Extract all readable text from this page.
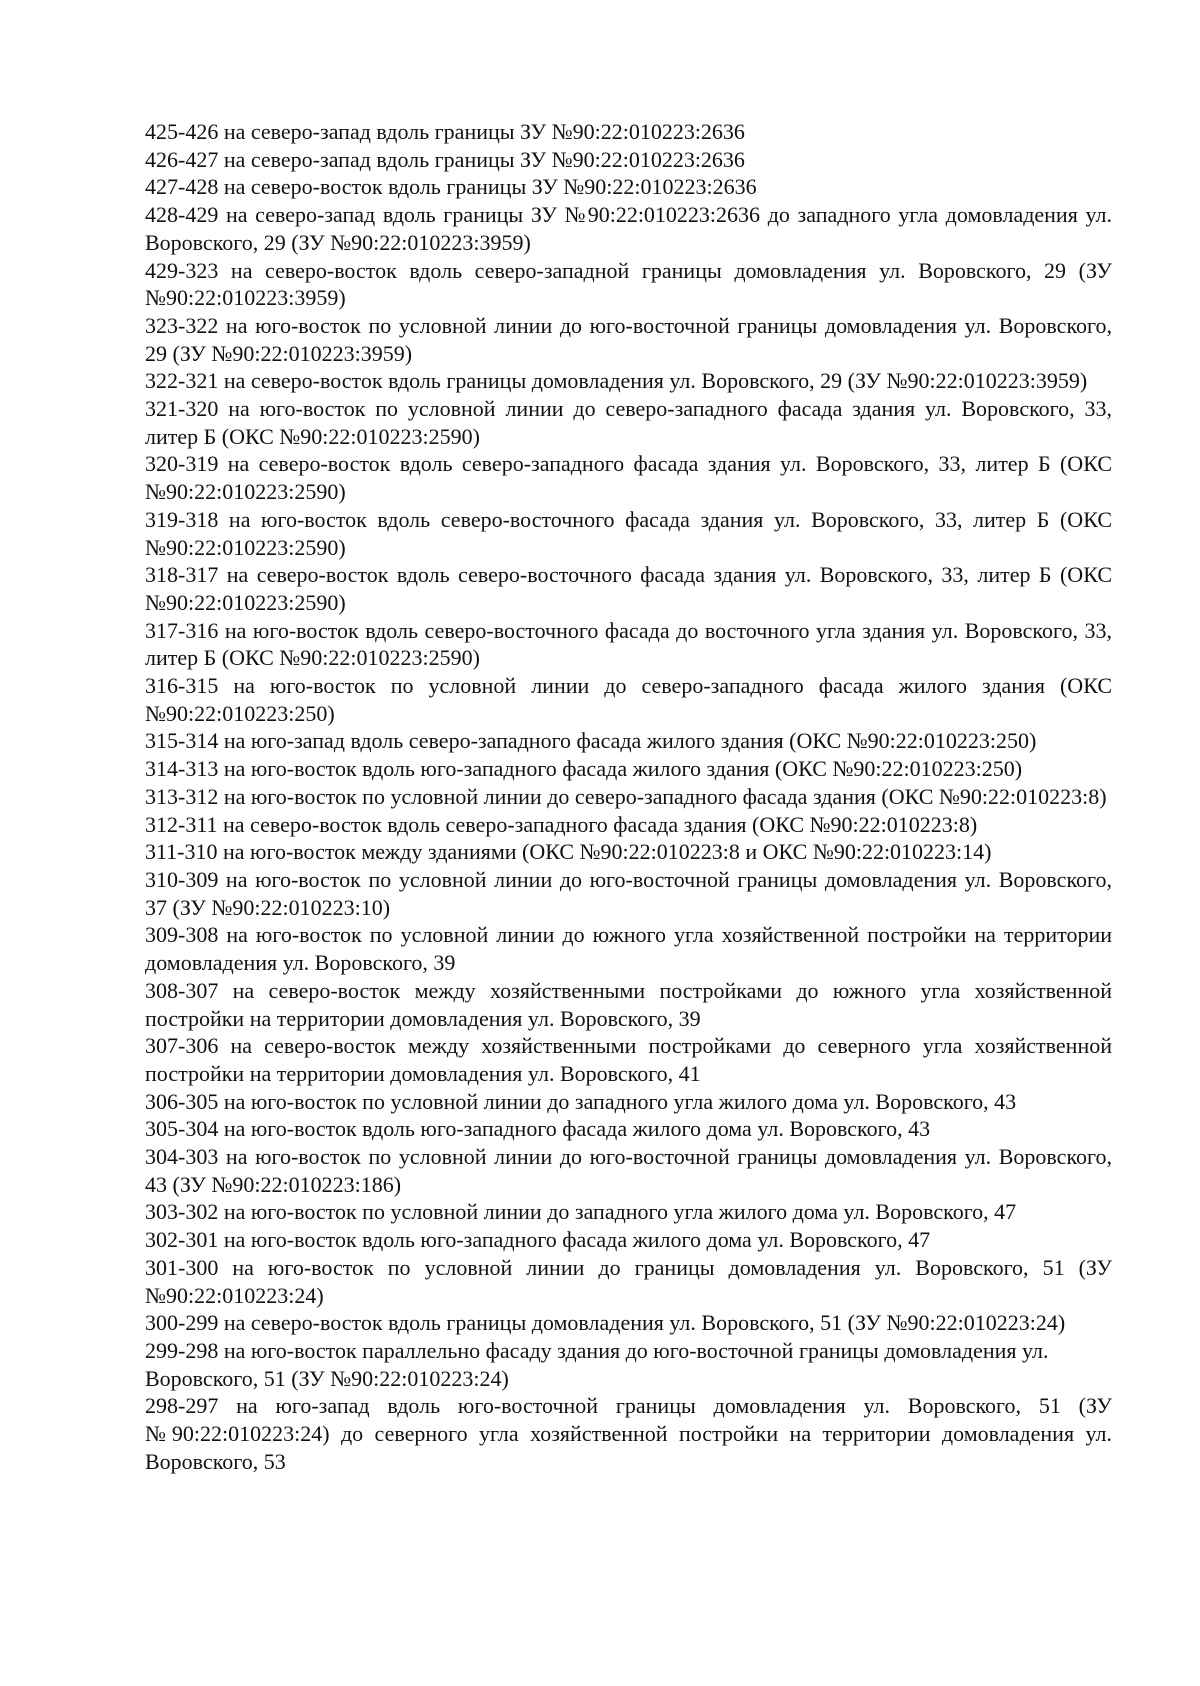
425-426 на северо-запад вдоль границы ЗУ №90:22:010223:2636

426-427 на северо-запад вдоль границы ЗУ №90:22:010223:2636

427-428 на северо-восток вдоль границы ЗУ №90:22:010223:2636

428-429 на северо-запад вдоль границы ЗУ №90:22:010223:2636 до западного угла домовладения ул. Воровского, 29 (ЗУ №90:22:010223:3959)

429-323 на северо-восток вдоль северо-западной границы домовладения ул. Воровского, 29 (ЗУ №90:22:010223:3959)

323-322 на юго-восток по условной линии до юго-восточной границы домовладения ул. Воровского, 29 (ЗУ №90:22:010223:3959)

322-321 на северо-восток вдоль границы домовладения ул. Воровского, 29 (ЗУ №90:22:010223:3959)

321-320 на юго-восток по условной линии до северо-западного фасада здания ул. Воровского, 33, литер Б (ОКС №90:22:010223:2590)

320-319 на северо-восток вдоль северо-западного фасада здания ул. Воровского, 33, литер Б (ОКС №90:22:010223:2590)

319-318 на юго-восток вдоль северо-восточного фасада здания ул. Воровского, 33, литер Б (ОКС №90:22:010223:2590)

318-317 на северо-восток вдоль северо-восточного фасада здания ул. Воровского, 33, литер Б (ОКС №90:22:010223:2590)

317-316 на юго-восток вдоль северо-восточного фасада до восточного угла здания ул. Воровского, 33, литер Б (ОКС №90:22:010223:2590)

316-315 на юго-восток по условной линии до северо-западного фасада жилого здания (ОКС №90:22:010223:250)

315-314 на юго-запад вдоль северо-западного фасада жилого здания (ОКС №90:22:010223:250)

314-313 на юго-восток вдоль юго-западного фасада жилого здания (ОКС №90:22:010223:250)

313-312 на юго-восток по условной линии до северо-западного фасада здания (ОКС №90:22:010223:8)

312-311 на северо-восток вдоль северо-западного фасада здания (ОКС №90:22:010223:8)

311-310 на юго-восток между зданиями (ОКС №90:22:010223:8 и ОКС №90:22:010223:14)

310-309 на юго-восток по условной линии до юго-восточной границы домовладения ул. Воровского, 37 (ЗУ №90:22:010223:10)

309-308 на юго-восток по условной линии до южного угла хозяйственной постройки на территории домовладения ул. Воровского, 39

308-307 на северо-восток между хозяйственными постройками до южного угла хозяйственной постройки на территории домовладения ул. Воровского, 39

307-306 на северо-восток между хозяйственными постройками до северного угла хозяйственной постройки на территории домовладения ул. Воровского, 41

306-305 на юго-восток по условной линии до западного угла жилого дома ул. Воровского, 43

305-304 на юго-восток вдоль юго-западного фасада жилого дома ул. Воровского, 43

304-303 на юго-восток по условной линии до юго-восточной границы домовладения ул. Воровского, 43 (ЗУ №90:22:010223:186)

303-302 на юго-восток по условной линии до западного угла жилого дома ул. Воровского, 47

302-301 на юго-восток вдоль юго-западного фасада жилого дома ул. Воровского, 47

301-300 на юго-восток по условной линии до границы домовладения ул. Воровского, 51 (ЗУ №90:22:010223:24)

300-299 на северо-восток вдоль границы домовладения ул. Воровского, 51 (ЗУ №90:22:010223:24)

299-298 на юго-восток параллельно фасаду здания до юго-восточной границы домовладения ул. Воровского, 51 (ЗУ №90:22:010223:24)

298-297 на юго-запад вдоль юго-восточной границы домовладения ул. Воровского, 51 (ЗУ №90:22:010223:24) до северного угла хозяйственной постройки на территории домовладения ул. Воровского, 53
